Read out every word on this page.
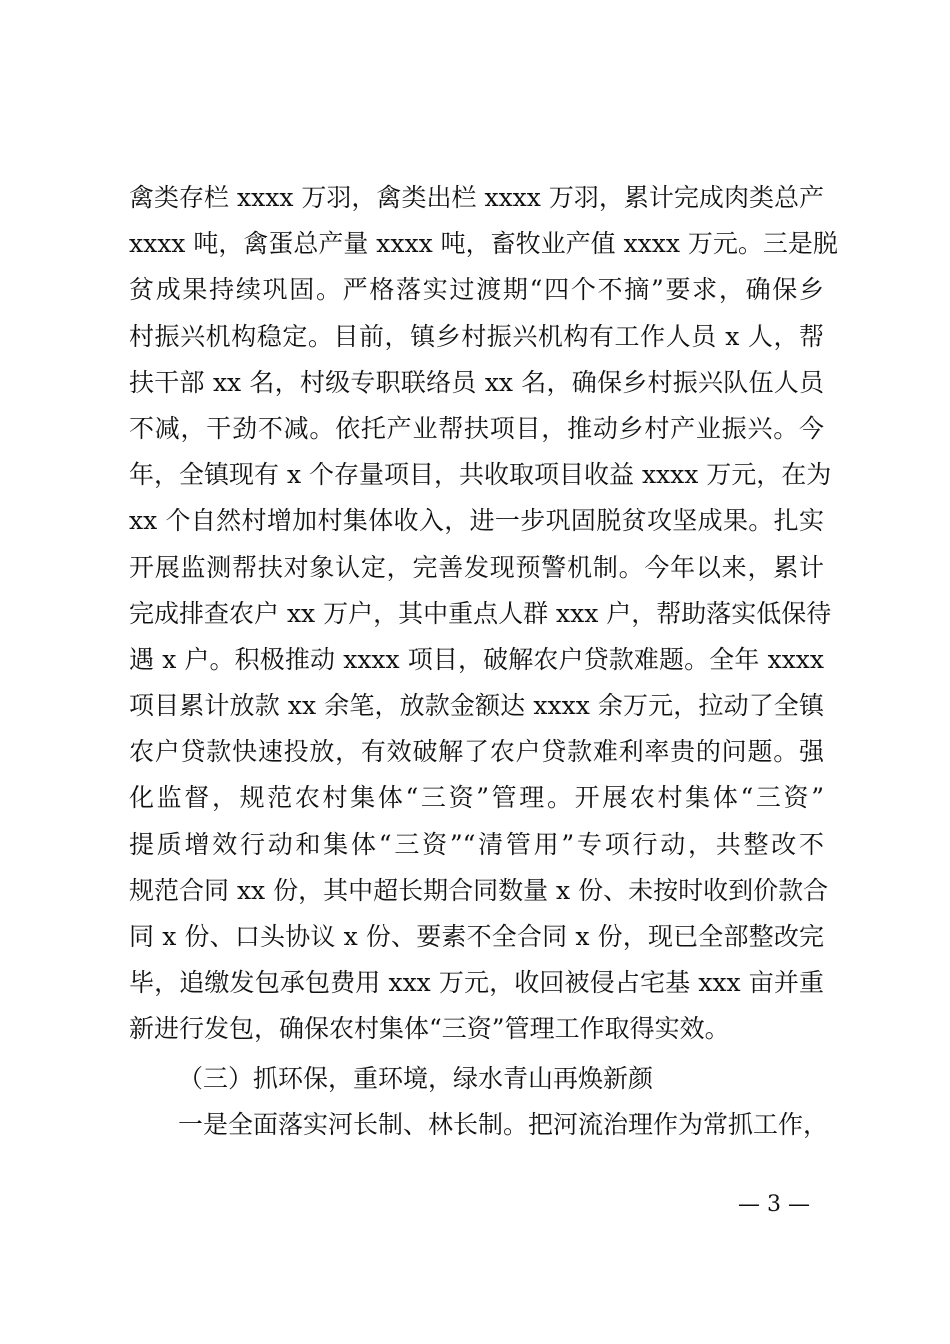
禽类存栏 xxxx 万羽，禽类出栏 xxxx 万羽，累计完成肉类总产
xxxx 吨，禽蛋总产量 xxxx 吨，畜牧业产值 xxxx 万元。三是脱
贫成果持续巩固。严格落实过渡期“四个不摘”要求，确保乡
村振兴机构稳定。目前，镇乡村振兴机构有工作人员 x 人，帮
扶干部 xx 名，村级专职联络员 xx 名，确保乡村振兴队伍人员
不减，干劲不减。依托产业帮扶项目，推动乡村产业振兴。今
年，全镇现有 x 个存量项目，共收取项目收益 xxxx 万元，在为
xx 个自然村增加村集体收入，进一步巩固脱贫攻坚成果。扎实
开展监测帮扶对象认定，完善发现预警机制。今年以来，累计
完成排查农户 xx 万户，其中重点人群 xxx 户，帮助落实低保待
遇 x 户。积极推动 xxxx 项目，破解农户贷款难题。全年 xxxx
项目累计放款 xx 余笔，放款金额达 xxxx 余万元，拉动了全镇
农户贷款快速投放，有效破解了农户贷款难利率贵的问题。强
化监督，规范农村集体“三资”管理。开展农村集体“三资”
提质增效行动和集体“三资”“清管用”专项行动，共整改不
规范合同 xx 份，其中超长期合同数量 x 份、未按时收到价款合
同 x 份、口头协议 x 份、要素不全合同 x 份，现已全部整改完
毕，追缴发包承包费用 xxx 万元，收回被侵占宅基 xxx 亩并重
新进行发包，确保农村集体“三资”管理工作取得实效。
（三）抓环保，重环境，绿水青山再焕新颜
一是全面落实河长制、林长制。把河流治理作为常抓工作，
— 3 —
